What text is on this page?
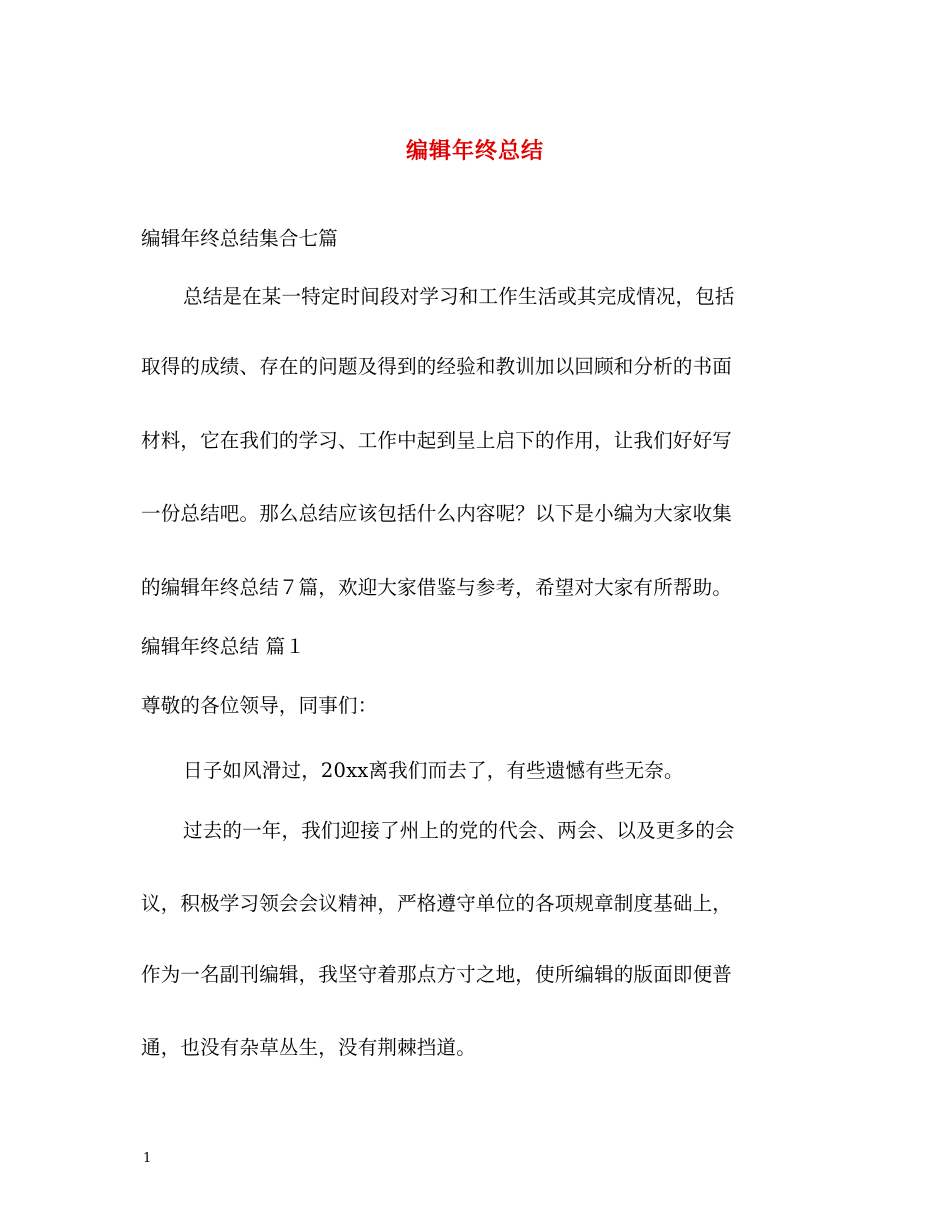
编辑年终总结
编辑年终总结集合七篇
总结是在某一特定时间段对学习和工作生活或其完成情况，包括
取得的成绩、存在的问题及得到的经验和教训加以回顾和分析的书面
材料，它在我们的学习、工作中起到呈上启下的作用，让我们好好写
一份总结吧。那么总结应该包括什么内容呢？以下是小编为大家收集
的编辑年终总结７篇，欢迎大家借鉴与参考，希望对大家有所帮助。
编辑年终总结 篇１
尊敬的各位领导，同事们：
日子如风滑过，20xx离我们而去了，有些遗憾有些无奈。
过去的一年，我们迎接了州上的党的代会、两会、以及更多的会
议，积极学习领会会议精神，严格遵守单位的各项规章制度基础上，
作为一名副刊编辑，我坚守着那点方寸之地，使所编辑的版面即便普
通，也没有杂草丛生，没有荆棘挡道。
1
